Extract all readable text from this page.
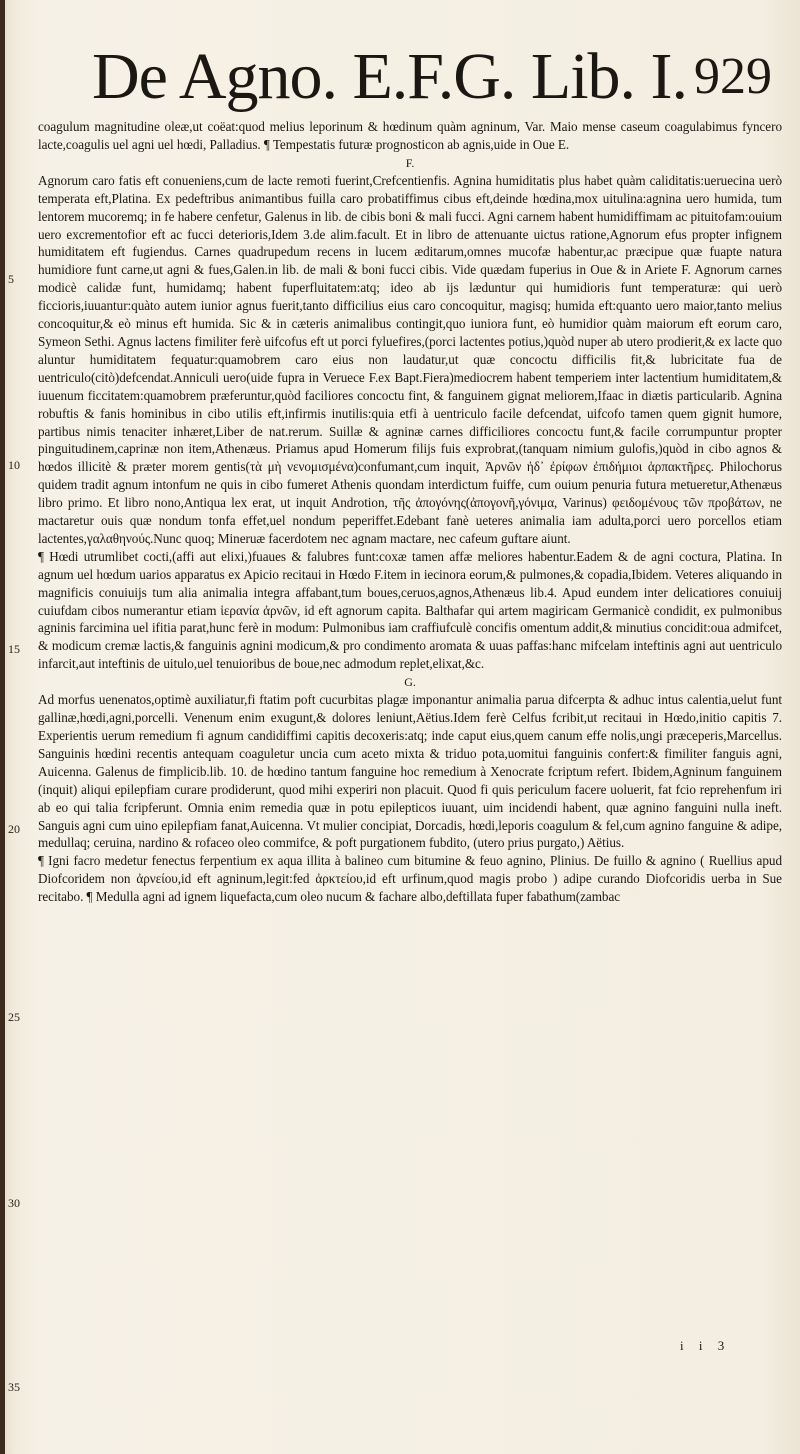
De Agno. E.F.G. Lib. I. 929

coagulum magnitudine oleæ,ut coëat:quod melius leporinum & hœdinum quàm agninum, Var. Maio mense caseum coagulabimus fyncero lacte,coagulis uel agni uel hœdi, Palladius. ¶ Tempestatis futuræ prognosticon ab agnis,uide in Oue E.

F.

Agnorum caro fatis eft conueniens,cum de lacte remoti fuerint,Crefcentienfis. Agnina humiditatis plus habet quàm caliditatis:ueruecina uerò temperata eft,Platina. Ex pedeftribus animantibus fuilla caro probatiffimus cibus eft,deinde hœdina,mox uitulina:agnina uero humida, tum lentorem mucoremq; in fe habere cenfetur, Galenus in lib. de cibis boni & mali fucci. Agni carnem habent humidiffimam ac pituitofam:ouium uero excrementofior eft ac fucci deterioris,Idem 3.de alim.facult. Et in libro de attenuante uictus ratione,Agnorum efus propter infignem humiditatem eft fugiendus. Carnes quadrupedum recens in lucem æditarum,omnes mucofæ habentur,ac præcipue quæ fuapte natura humidiore funt carne,ut agni & fues,Galen.in lib. de mali & boni fucci cibis. Vide quædam fuperius in Oue & in Ariete F. Agnorum carnes modicè calidæ funt, humidamq; habent fuperfluitatem:atq; ideo ab ijs læduntur qui humidioris funt temperaturæ: qui uerò ficcioris,iuuantur:quàto autem iunior agnus fuerit,tanto difficilius eius caro concoquitur, magisq; humida eft:quanto uero maior,tanto melius concoquitur,& eò minus eft humida. Sic & in cæteris animalibus contingit,quo iuniora funt, eò humidior quàm maiorum eft eorum caro, Symeon Sethi. Agnus lactens fimiliter ferè uifcofus eft ut porci fyluefires,(porci lactentes potius,)quòd nuper ab utero prodierit,& ex lacte quo aluntur humiditatem fequatur:quamobrem caro eius non laudatur,ut quæ concoctu difficilis fit,& lubricitate fua de uentriculo(citò)defcendat.Anniculi uero(uide fupra in Veruece F.ex Bapt.Fiera)mediocrem habent temperiem inter lactentium humiditatem,& iuuenum ficcitatem:quamobrem præferuntur,quòd faciliores concoctu fint, & fanguinem gignat meliorem,Ifaac in diætis particularib. Agnina robuftis & fanis hominibus in cibo utilis eft,infirmis inutilis:quia etfi à uentriculo facile defcendat, uifcofo tamen quem gignit humore, partibus nimis tenaciter inhæret,Liber de nat.rerum. Suillæ & agninæ carnes difficiliores concoctu funt,& facile corrumpuntur propter pinguitudinem,caprinæ non item,Athenæus. Priamus apud Homerum filijs fuis exprobrat,(tanquam nimium gulofis,)quòd in cibo agnos & hœdos illicitè & præter morem gentis(τὰ μὴ νενομισμένα)confumant,cum inquit, Ἀρνῶν ἠδ᾽ ἐρίφων ἐπιδήμιοι ἁρπακτῆρες. Philochorus quidem tradit agnum intonfum ne quis in cibo fumeret Athenis quondam interdictum fuiffe, cum ouium penuria futura metueretur,Athenæus libro primo. Et libro nono,Antiqua lex erat, ut inquit Androtion, τῆς ἀπογόνης(ἀπογονῆ,γόνιμα, Varinus) φειδομένους τῶν προβάτων, ne mactaretur ouis quæ nondum tonfa effet,uel nondum peperiffet.Edebant fanè ueteres animalia iam adulta,porci uero porcellos etiam lactentes,γαλαθηνούς.Nunc quoq; Mineruæ facerdotem nec agnam mactare, nec cafeum guftare aiunt.

¶ Hœdi utrumlibet cocti,(affi aut elixi,)fuaues & falubres funt:coxæ tamen affæ meliores habentur.Eadem & de agni coctura, Platina. In agnum uel hœdum uarios apparatus ex Apicio recitaui in Hœdo F.item in iecinora eorum,& pulmones,& copadia,Ibidem. Veteres aliquando in magnificis conuiuijs tum alia animalia integra affabant,tum boues,ceruos,agnos,Athenæus lib.4. Apud eundem inter delicatiores conuiuij cuiufdam cibos numerantur etiam ἱερανία ἀρνῶν, id eft agnorum capita. Balthafar qui artem magiricam Germanicè condidit, ex pulmonibus agninis farcimina uel ifitia parat,hunc ferè in modum: Pulmonibus iam craffiufculè concifis omentum addit,& minutius concidit:oua admifcet, & modicum cremæ lactis,& fanguinis agnini modicum,& pro condimento aromata & uuas paffas:hanc mifcelam inteftinis agni aut uentriculo infarcit,aut inteftinis de uitulo,uel tenuioribus de boue,nec admodum replet,elixat,&c.

G.

Ad morfus uenenatos,optimè auxiliatur,fi ftatim poft cucurbitas plagæ imponantur animalia parua difcerpta & adhuc intus calentia,uelut funt gallinæ,hœdi,agni,porcelli. Venenum enim exugunt,& dolores leniunt,Aëtius.Idem ferè Celfus fcribit,ut recitaui in Hœdo,initio capitis 7. Experientis uerum remedium fi agnum candidiffimi capitis decoxeris:atq; inde caput eius,quem canum effe nolis,ungi præceperis,Marcellus. Sanguinis hœdini recentis antequam coaguletur uncia cum aceto mixta & triduo pota,uomitui fanguinis confert:& fimiliter fanguis agni, Auicenna. Galenus de fimplicib.lib. 10. de hœdino tantum fanguine hoc remedium à Xenocrate fcriptum refert. Ibidem,Agninum fanguinem (inquit) aliqui epilepfiam curare prodiderunt, quod mihi experiri non placuit. Quod fi quis periculum facere uoluerit, fat fcio reprehenfum iri ab eo qui talia fcripferunt. Omnia enim remedia quæ in potu epilepticos iuuant, uim incidendi habent, quæ agnino fanguini nulla ineft. Sanguis agni cum uino epilepfiam fanat,Auicenna. Vt mulier concipiat, Dorcadis, hœdi,leporis coagulum & fel,cum agnino fanguine & adipe, medullaq; ceruina, nardino & rofaceo oleo commifce, & poft purgationem fubdito, (utero prius purgato,) Aëtius.

¶ Igni facro medetur fenectus ferpentium ex aqua illita à balineo cum bitumine & feuo agnino, Plinius. De fuillo & agnino ( Ruellius apud Diofcoridem non ἀρνείου,id eft agninum,legit:fed ἀρκτείου,id eft urfinum,quod magis probo ) adipe curando Diofcoridis uerba in Sue recitabo. ¶ Medulla agni ad ignem liquefacta,cum oleo nucum & fachare albo,deftillata fuper fabathum(zambac

5
10
15
20
25
30
35
i i 3
